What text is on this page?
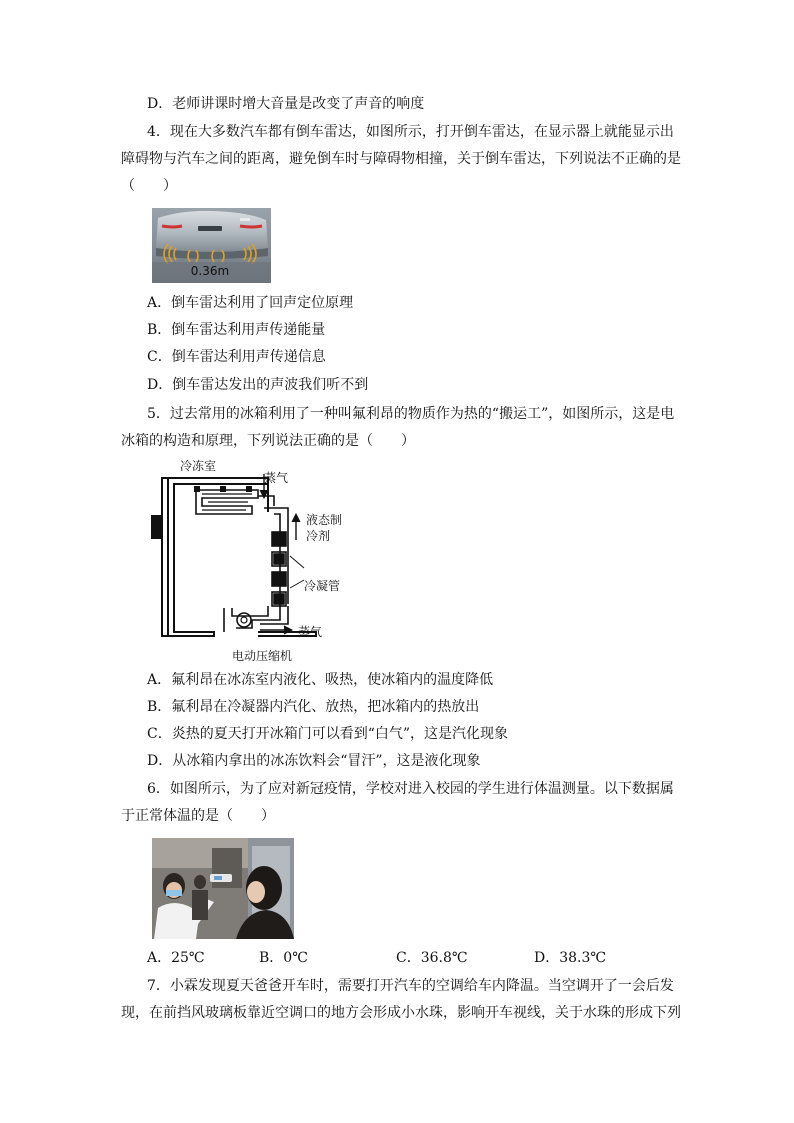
D．老师讲课时增大音量是改变了声音的响度
4．现在大多数汽车都有倒车雷达，如图所示，打开倒车雷达，在显示器上就能显示出
障碍物与汽车之间的距离，避免倒车时与障碍物相撞，关于倒车雷达，下列说法不正确的是
（　　）
0.36m
A．倒车雷达利用了回声定位原理
B．倒车雷达利用声传递能量
C．倒车雷达利用声传递信息
D．倒车雷达发出的声波我们听不到
5．过去常用的冰箱利用了一种叫氟利昂的物质作为热的“搬运工”，如图所示，这是电
冰箱的构造和原理，下列说法正确的是（　　）
冷冻室
蒸气
液态制
冷剂
冷凝管
蒸气
电动压缩机
A．氟利昂在冰冻室内液化、吸热，使冰箱内的温度降低
B．氟利昂在冷凝器内汽化、放热，把冰箱内的热放出
C．炎热的夏天打开冰箱门可以看到“白气”，这是汽化现象
D．从冰箱内拿出的冰冻饮料会“冒汗”，这是液化现象
6．如图所示，为了应对新冠疫情，学校对进入校园的学生进行体温测量。以下数据属
于正常体温的是（　　）
A．25℃	B．0℃	C．36.8℃	D．38.3℃
7．小霖发现夏天爸爸开车时，需要打开汽车的空调给车内降温。当空调开了一会后发
现，在前挡风玻璃板靠近空调口的地方会形成小水珠，影响开车视线，关于水珠的形成下列
